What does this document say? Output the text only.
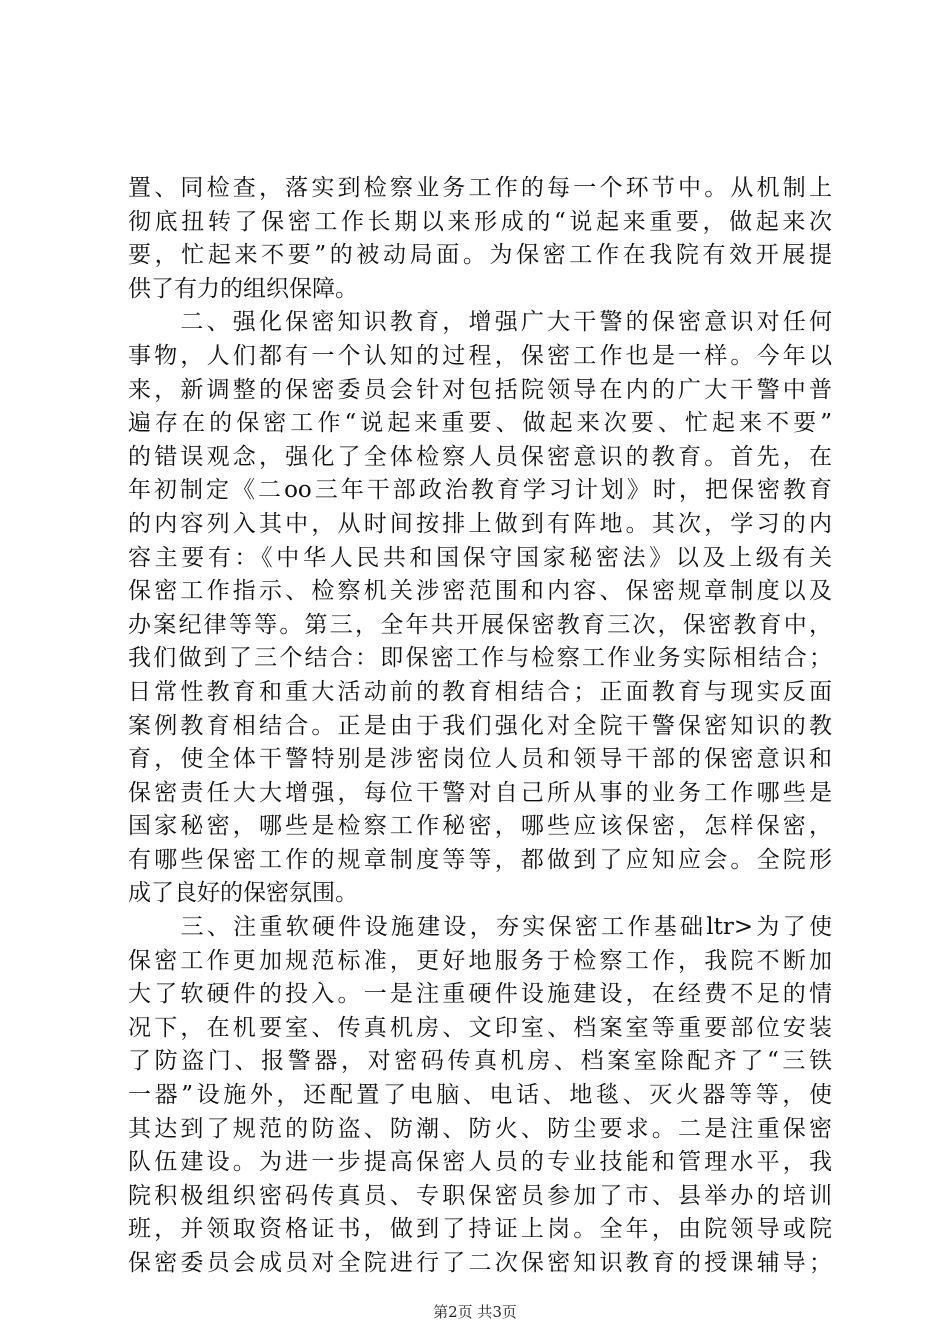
置、同检查，落实到检察业务工作的每一个环节中。从机制上
彻底扭转了保密工作长期以来形成的“说起来重要，做起来次
要，忙起来不要”的被动局面。为保密工作在我院有效开展提
供了有力的组织保障。
　　二、强化保密知识教育，增强广大干警的保密意识对任何
事物，人们都有一个认知的过程，保密工作也是一样。今年以
来，新调整的保密委员会针对包括院领导在内的广大干警中普
遍存在的保密工作“说起来重要、做起来次要、忙起来不要”
的错误观念，强化了全体检察人员保密意识的教育。首先，在
年初制定《二oo三年干部政治教育学习计划》时，把保密教育
的内容列入其中，从时间按排上做到有阵地。其次，学习的内
容主要有：《中华人民共和国保守国家秘密法》以及上级有关
保密工作指示、检察机关涉密范围和内容、保密规章制度以及
办案纪律等等。第三，全年共开展保密教育三次，保密教育中，
我们做到了三个结合：即保密工作与检察工作业务实际相结合；
日常性教育和重大活动前的教育相结合；正面教育与现实反面
案例教育相结合。正是由于我们强化对全院干警保密知识的教
育，使全体干警特别是涉密岗位人员和领导干部的保密意识和
保密责任大大增强，每位干警对自己所从事的业务工作哪些是
国家秘密，哪些是检察工作秘密，哪些应该保密，怎样保密，
有哪些保密工作的规章制度等等，都做到了应知应会。全院形
成了良好的保密氛围。
　　三、注重软硬件设施建设，夯实保密工作基础ltr>为了使
保密工作更加规范标准，更好地服务于检察工作，我院不断加
大了软硬件的投入。一是注重硬件设施建设，在经费不足的情
况下，在机要室、传真机房、文印室、档案室等重要部位安装
了防盗门、报警器，对密码传真机房、档案室除配齐了“三铁
一器”设施外，还配置了电脑、电话、地毯、灭火器等等，使
其达到了规范的防盗、防潮、防火、防尘要求。二是注重保密
队伍建设。为进一步提高保密人员的专业技能和管理水平，我
院积极组织密码传真员、专职保密员参加了市、县举办的培训
班，并领取资格证书，做到了持证上岗。全年，由院领导或院
保密委员会成员对全院进行了二次保密知识教育的授课辅导；
第2页 共3页
